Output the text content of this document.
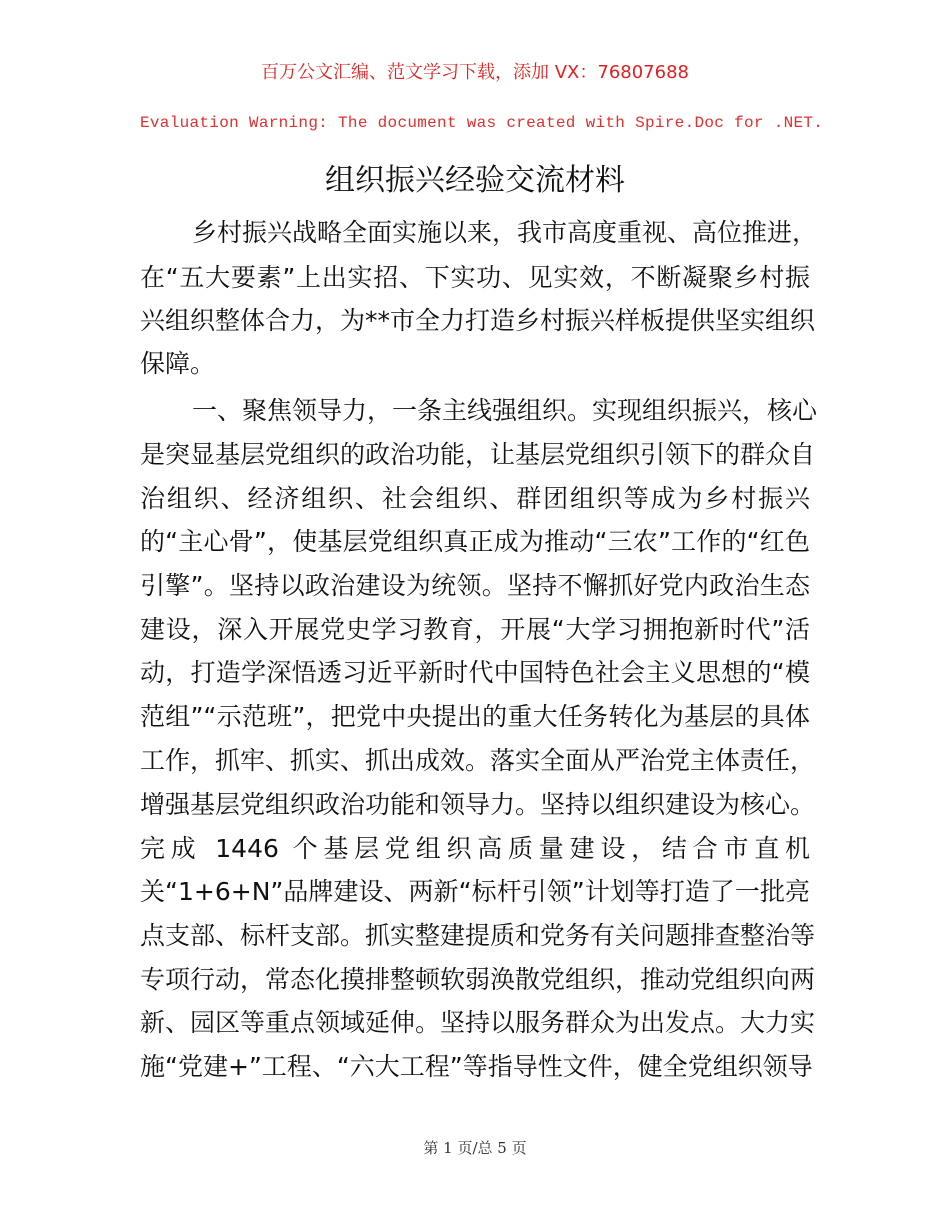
百万公文汇编、范文学习下载，添加 VX：76807688
Evaluation Warning: The document was created with Spire.Doc for .NET.
组织振兴经验交流材料
乡村振兴战略全面实施以来，我市高度重视、高位推进，
在“五大要素”上出实招、下实功、见实效，不断凝聚乡村振
兴组织整体合力，为**市全力打造乡村振兴样板提供坚实组织
保障。
一、聚焦领导力，一条主线强组织。实现组织振兴，核心
是突显基层党组织的政治功能，让基层党组织引领下的群众自
治组织、经济组织、社会组织、群团组织等成为乡村振兴
的“主心骨”，使基层党组织真正成为推动“三农”工作的“红色
引擎”。坚持以政治建设为统领。坚持不懈抓好党内政治生态
建设，深入开展党史学习教育，开展“大学习拥抱新时代”活
动，打造学深悟透习近平新时代中国特色社会主义思想的“模
范组”“示范班”，把党中央提出的重大任务转化为基层的具体
工作，抓牢、抓实、抓出成效。落实全面从严治党主体责任，
增强基层党组织政治功能和领导力。坚持以组织建设为核心。
完成 1446 个基层党组织高质量建设，结合市直机
关“1+6+N”品牌建设、两新“标杆引领”计划等打造了一批亮
点支部、标杆支部。抓实整建提质和党务有关问题排查整治等
专项行动，常态化摸排整顿软弱涣散党组织，推动党组织向两
新、园区等重点领域延伸。坚持以服务群众为出发点。大力实
施“党建+”工程、“六大工程”等指导性文件，健全党组织领导
第 1 页/总 5 页
